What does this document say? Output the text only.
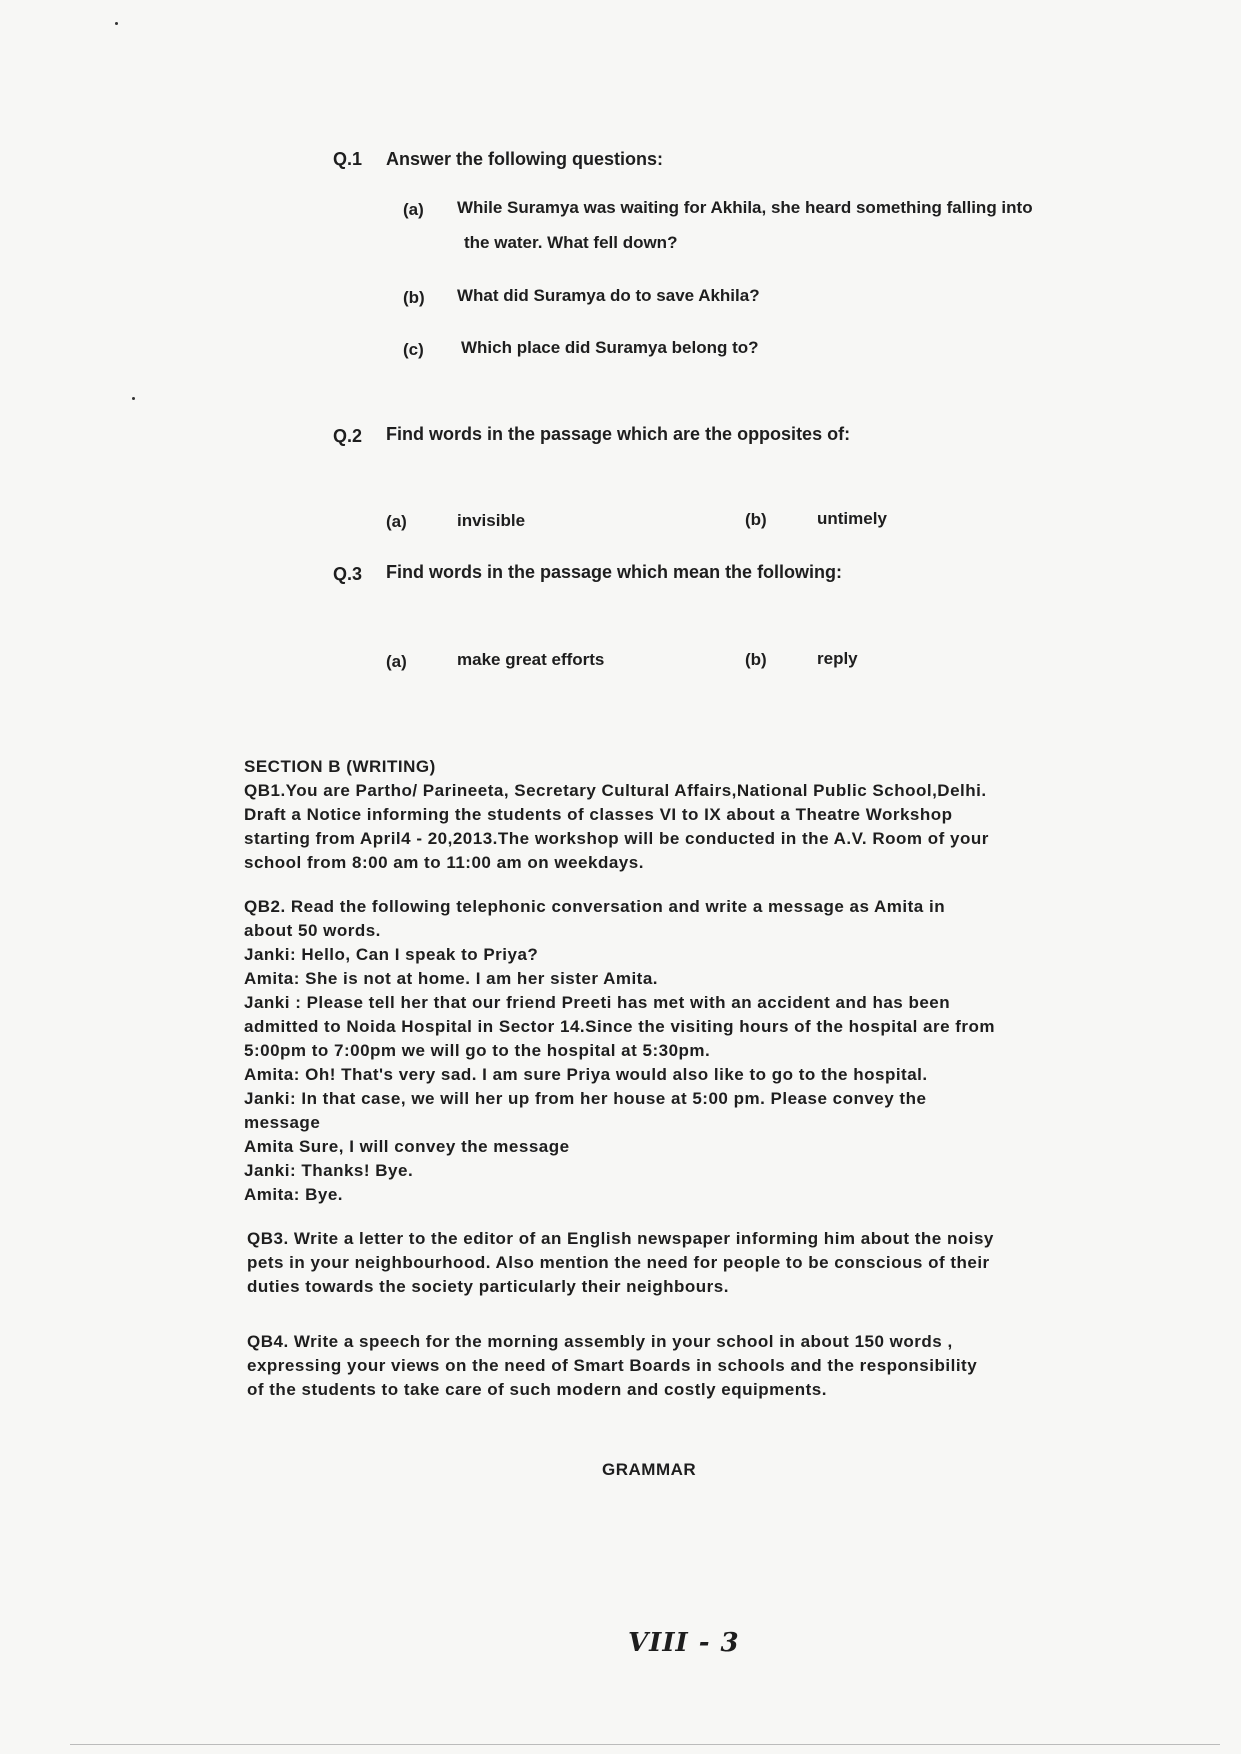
Q.1 Answer the following questions:
(a) While Suramya was waiting for Akhila, she heard something falling into
the water. What fell down?
(b) What did Suramya do to save Akhila?
(c) Which place did Suramya belong to?
Q.2 Find words in the passage which are the opposites of:
(a)	invisible	(b)	untimely
Q.3 Find words in the passage which mean the following:
(a)	make great efforts	(b)	reply
SECTION B (WRITING)

QB1.You are Partho/ Parineeta, Secretary Cultural Affairs,National Public School,Delhi.

Draft a Notice informing the students of classes VI to IX about a Theatre Workshop

starting from April4 - 20,2013.The workshop will be conducted in the A.V. Room of your

school from 8:00 am to 11:00 am on weekdays.

QB2. Read the following telephonic conversation and write a message as Amita in

about 50 words.

Janki: Hello, Can I speak to Priya?

Amita: She is not at home. I am her sister Amita.

Janki : Please tell her that our friend Preeti has met with an accident and has been

admitted to Noida Hospital in Sector 14.Since the visiting hours of the hospital are from

5:00pm to 7:00pm we will go to the hospital at 5:30pm.

Amita: Oh! That's very sad. I am sure Priya would also like to go to the hospital.

Janki: In that case, we will her up from her house at 5:00 pm. Please convey the

message

Amita Sure, I will convey the message

Janki: Thanks! Bye.

Amita: Bye.

QB3. Write a letter to the editor of an English newspaper informing him about the noisy

pets in your neighbourhood. Also mention the need for people to be conscious of their

duties towards the society particularly their neighbours.

QB4. Write a speech for the morning assembly in your school in about 150 words ,

expressing your views on the need of Smart Boards in schools and the responsibility

of the students to take care of such modern and costly equipments.

GRAMMAR
VIII - 3
